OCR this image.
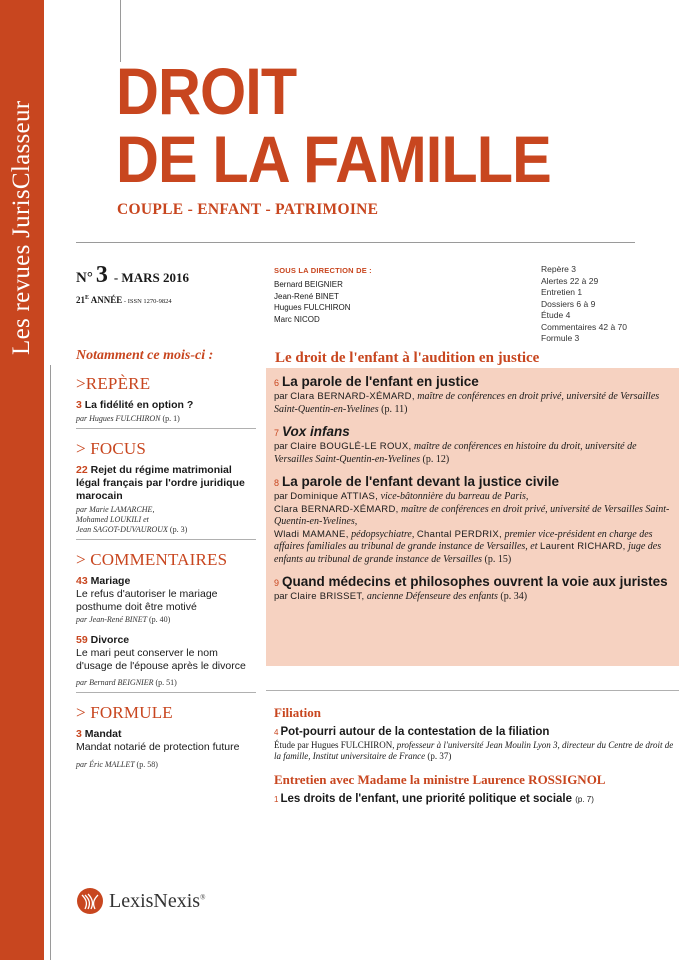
Les revues JurisClasseur
DROIT
DE LA FAMILLE
COUPLE - ENFANT - PATRIMOINE
N° 3 - MARS 2016
$21^E$ ANNÉE - ISSN 1270-9824
SOUS LA DIRECTION DE :
Bernard BEIGNIER
Jean-René BINET
Hugues FULCHIRON
Marc NICOD
Repère 3
Alertes 22 à 29
Entretien 1
Dossiers 6 à 9
Étude 4
Commentaires 42 à 70
Formule 3
Notamment ce mois-ci :
>REPÈRE
3 La fidélité en option ?
par Hugues FULCHIRON (p. 1)
> FOCUS
22 Rejet du régime matrimonial légal français par l'ordre juridique marocain
par Marie LAMARCHE,
Mohamed LOUKILI et
Jean SAGOT-DUVAUROUX (p. 3)
> COMMENTAIRES
43 Mariage
Le refus d'autoriser le mariage posthume doit être motivé
par Jean-René BINET (p. 40)
59 Divorce
Le mari peut conserver le nom d'usage de l'épouse après le divorce
par Bernard BEIGNIER (p. 51)
> FORMULE
3 Mandat
Mandat notarié de protection future
par Éric MALLET (p. 58)
Le droit de l'enfant à l'audition en justice
6 La parole de l'enfant en justice
par Clara BERNARD-XÉMARD, maître de conférences en droit privé, université de Versailles Saint-Quentin-en-Yvelines (p. 11)
7 Vox infans
par Claire BOUGLÉ-LE ROUX, maître de conférences en histoire du droit, université de Versailles Saint-Quentin-en-Yvelines (p. 12)
8 La parole de l'enfant devant la justice civile
par Dominique ATTIAS, vice-bâtonnière du barreau de Paris,
Clara BERNARD-XÉMARD, maître de conférences en droit privé, université de Versailles Saint-Quentin-en-Yvelines,
Wladi MAMANE, pédopsychiatre, Chantal PERDRIX, premier vice-président en charge des affaires familiales au tribunal de grande instance de Versailles, et Laurent RICHARD, juge des enfants au tribunal de grande instance de Versailles (p. 15)
9 Quand médecins et philosophes ouvrent la voie aux juristes
par Claire BRISSET, ancienne Défenseure des enfants (p. 34)
Filiation
4 Pot-pourri autour de la contestation de la filiation
Étude par Hugues FULCHIRON, professeur à l'université Jean Moulin Lyon 3, directeur du Centre de droit de la famille, Institut universitaire de France (p. 37)
Entretien avec Madame la ministre Laurence ROSSIGNOL
1 Les droits de l'enfant, une priorité politique et sociale (p. 7)
LexisNexis®
